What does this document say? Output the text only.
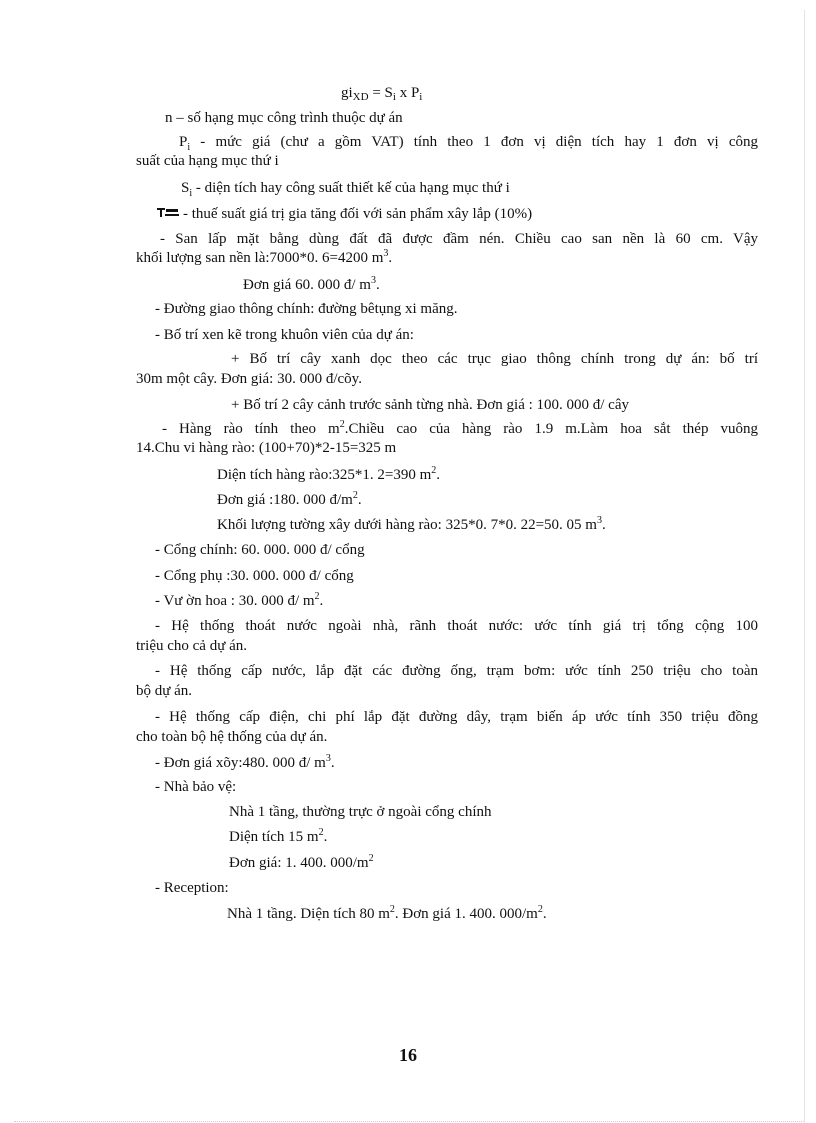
$gi_{XD} = S_i$ x $P_i$
n – số hạng mục công trình thuộc dự án
$P_i$ - mức giá (chư a gồm VAT) tính theo 1 đơn vị diện tích hay 1 đơn vị công
suất của hạng mục thứ i
$S_i$ - diện tích hay công suất thiết kế của hạng mục thứ i
- thuế suất giá trị gia tăng đối với sản phẩm xây lắp (10%)
- San lấp mặt bằng dùng đất đã được đầm nén. Chiều cao san nền là 60 cm. Vậy
khối lượng san nền là:7000*0. 6=4200 $m^3$.
Đơn giá 60. 000 đ/ $m^3$.
- Đường giao thông chính: đường bêtụng xi măng.
- Bố trí xen kẽ trong khuôn viên của dự án:
+ Bố trí cây xanh dọc theo các trục giao thông chính trong dự án: bố trí
30m một cây. Đơn giá: 30. 000 đ/cõy.
+ Bố trí 2 cây cảnh trước sảnh từng nhà. Đơn giá : 100. 000 đ/ cây
- Hàng rào tính theo $m^2.Chiều$ cao của hàng rào 1.9 m.Làm hoa sắt thép vuông
14.Chu vi hàng rào: (100+70)*2-15=325 m
Diện tích hàng rào:325*1. 2=390 $m^2$.
Đơn giá :180. 000 $đ/m^2$.
Khối lượng tường xây dưới hàng rào: 325*0. 7*0. 22=50. 05 $m^3$.
- Cổng chính: 60. 000. 000 đ/ cổng
- Cổng phụ :30. 000. 000 đ/ cổng
- Vư ờn hoa : 30. 000 đ/ $m^2$.
- Hệ thống thoát nước ngoài nhà, rãnh thoát nước: ước tính giá trị tổng cộng 100
triệu cho cả dự án.
- Hệ thống cấp nước, lắp đặt các đường ống, trạm bơm: ước tính 250 triệu cho toàn
bộ dự án.
- Hệ thống cấp điện, chi phí lắp đặt đường dây, trạm biến áp ước tính 350 triệu đồng
cho toàn bộ hệ thống của dự án.
- Đơn giá xõy:480. 000 đ/ $m^3$.
- Nhà bảo vệ:
Nhà 1 tầng, thường trực ở ngoài cổng chính
Diện tích 15 $m^2$.
Đơn giá: 1. 400. $000/m^2$
- Reception:
Nhà 1 tầng. Diện tích 80 $m^2$. Đơn giá 1. 400. $000/m^2$.
16
